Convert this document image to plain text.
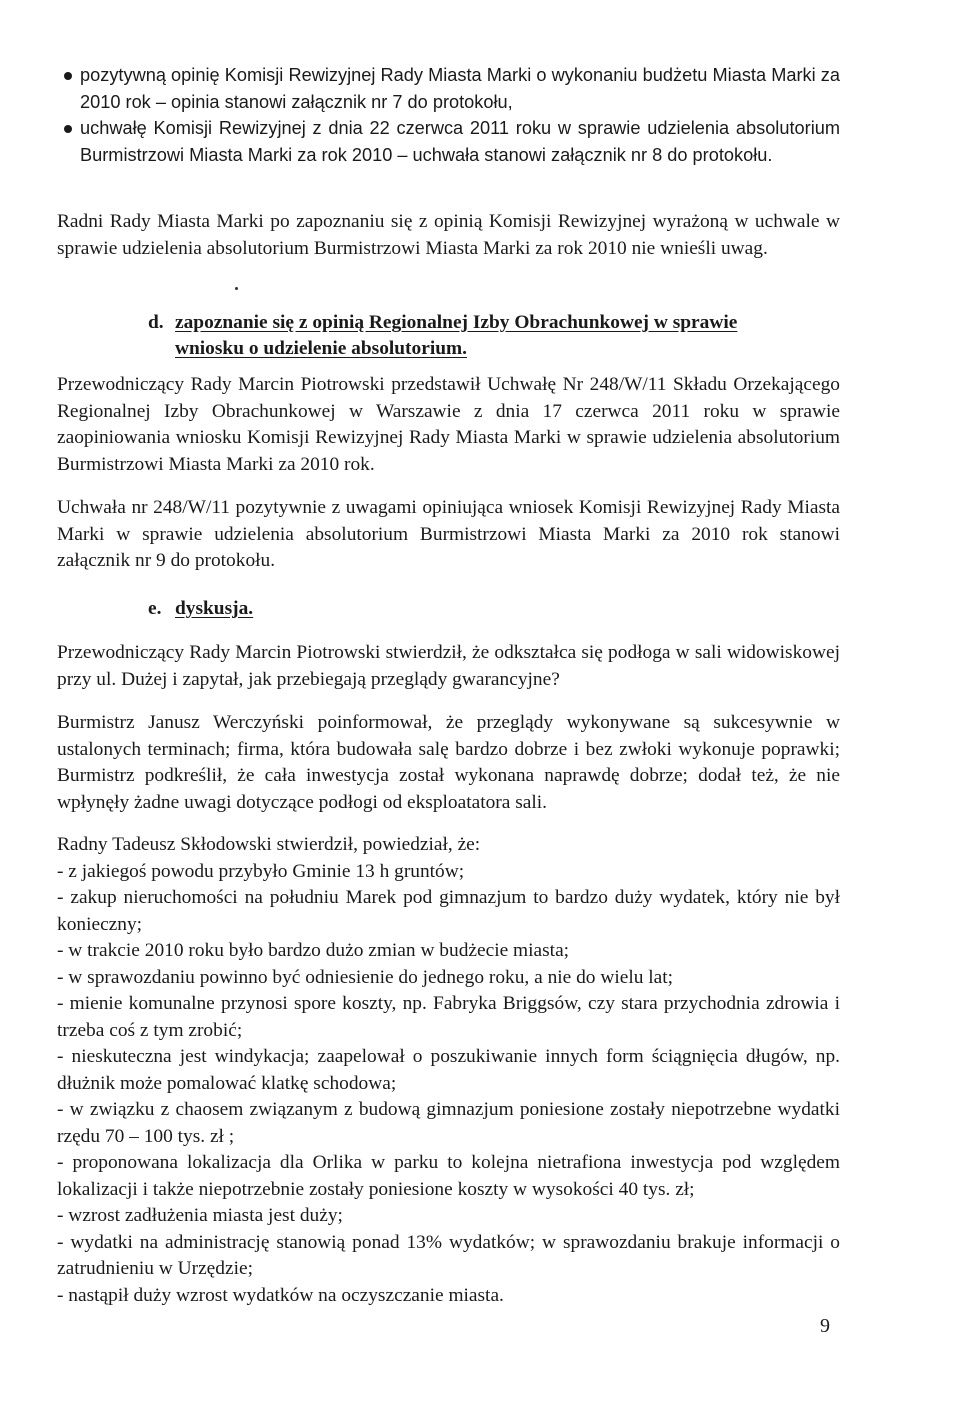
pozytywną opinię Komisji Rewizyjnej Rady Miasta Marki o wykonaniu budżetu Miasta Marki za 2010 rok – opinia stanowi załącznik nr 7 do protokołu,
uchwałę Komisji Rewizyjnej z dnia 22 czerwca 2011 roku w sprawie udzielenia absolutorium Burmistrzowi Miasta Marki za rok 2010 – uchwała stanowi załącznik nr 8 do protokołu.

Radni Rady Miasta Marki po zapoznaniu się z opinią Komisji Rewizyjnej wyrażoną w uchwale w sprawie udzielenia absolutorium Burmistrzowi Miasta Marki za rok 2010 nie wnieśli uwag.

d. zapoznanie się z opinią Regionalnej Izby Obrachunkowej w sprawie
wniosku o udzielenie absolutorium.

Przewodniczący Rady Marcin Piotrowski przedstawił Uchwałę Nr 248/W/11 Składu Orzekającego Regionalnej Izby Obrachunkowej w Warszawie z dnia 17 czerwca 2011 roku w sprawie zaopiniowania wniosku Komisji Rewizyjnej Rady Miasta Marki w sprawie udzielenia absolutorium Burmistrzowi Miasta Marki za 2010 rok.

Uchwała nr 248/W/11 pozytywnie z uwagami opiniująca wniosek Komisji Rewizyjnej Rady Miasta Marki w sprawie udzielenia absolutorium Burmistrzowi Miasta Marki za 2010 rok stanowi załącznik nr 9 do protokołu.

e. dyskusja.

Przewodniczący Rady Marcin Piotrowski stwierdził, że odkształca się podłoga w sali widowiskowej przy ul. Dużej i zapytał, jak przebiegają przeglądy gwarancyjne?

Burmistrz Janusz Werczyński poinformował, że przeglądy wykonywane są sukcesywnie w ustalonych terminach; firma, która budowała salę bardzo dobrze i bez zwłoki wykonuje poprawki; Burmistrz podkreślił, że cała inwestycja został wykonana naprawdę dobrze; dodał też, że nie wpłynęły żadne uwagi dotyczące podłogi od eksploatatora sali.

Radny Tadeusz Skłodowski stwierdził, powiedział, że:
- z jakiegoś powodu przybyło Gminie 13 h gruntów;
- zakup nieruchomości na południu Marek pod gimnazjum to bardzo duży wydatek, który nie był konieczny;
- w trakcie 2010 roku było bardzo dużo zmian w budżecie miasta;
- w sprawozdaniu powinno być odniesienie do jednego roku, a nie do wielu lat;
- mienie komunalne przynosi spore koszty, np. Fabryka Briggsów, czy stara przychodnia zdrowia i trzeba coś z tym zrobić;
- nieskuteczna jest windykacja; zaapelował o poszukiwanie innych form ściągnięcia długów, np. dłużnik może pomalować klatkę schodowa;
- w związku z chaosem związanym z budową gimnazjum poniesione zostały niepotrzebne wydatki rzędu 70 – 100 tys. zł ;
- proponowana lokalizacja dla Orlika w parku to kolejna nietrafiona inwestycja pod względem lokalizacji i także niepotrzebnie zostały poniesione koszty w wysokości 40 tys. zł;
- wzrost zadłużenia miasta jest duży;
- wydatki na administrację stanowią ponad 13% wydatków; w sprawozdaniu brakuje informacji o zatrudnieniu w Urzędzie;
- nastąpił duży wzrost wydatków na oczyszczanie miasta.
9
